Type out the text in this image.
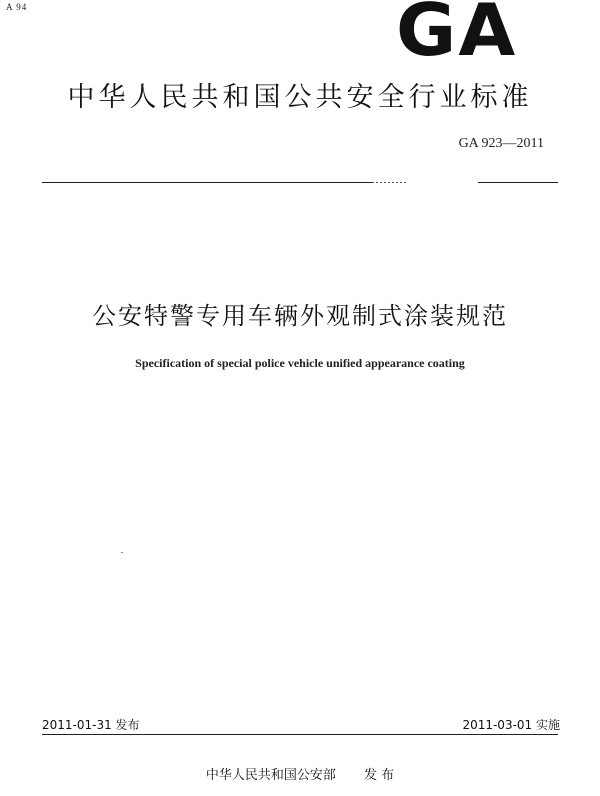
A 94	GA
中华人民共和国公共安全行业标准
GA 923—2011
公安特警专用车辆外观制式涂装规范
Specification of special police vehicle unified appearance coating
2011-01-31 发布	2011-03-01 实施
中华人民共和国公安部 发 布
